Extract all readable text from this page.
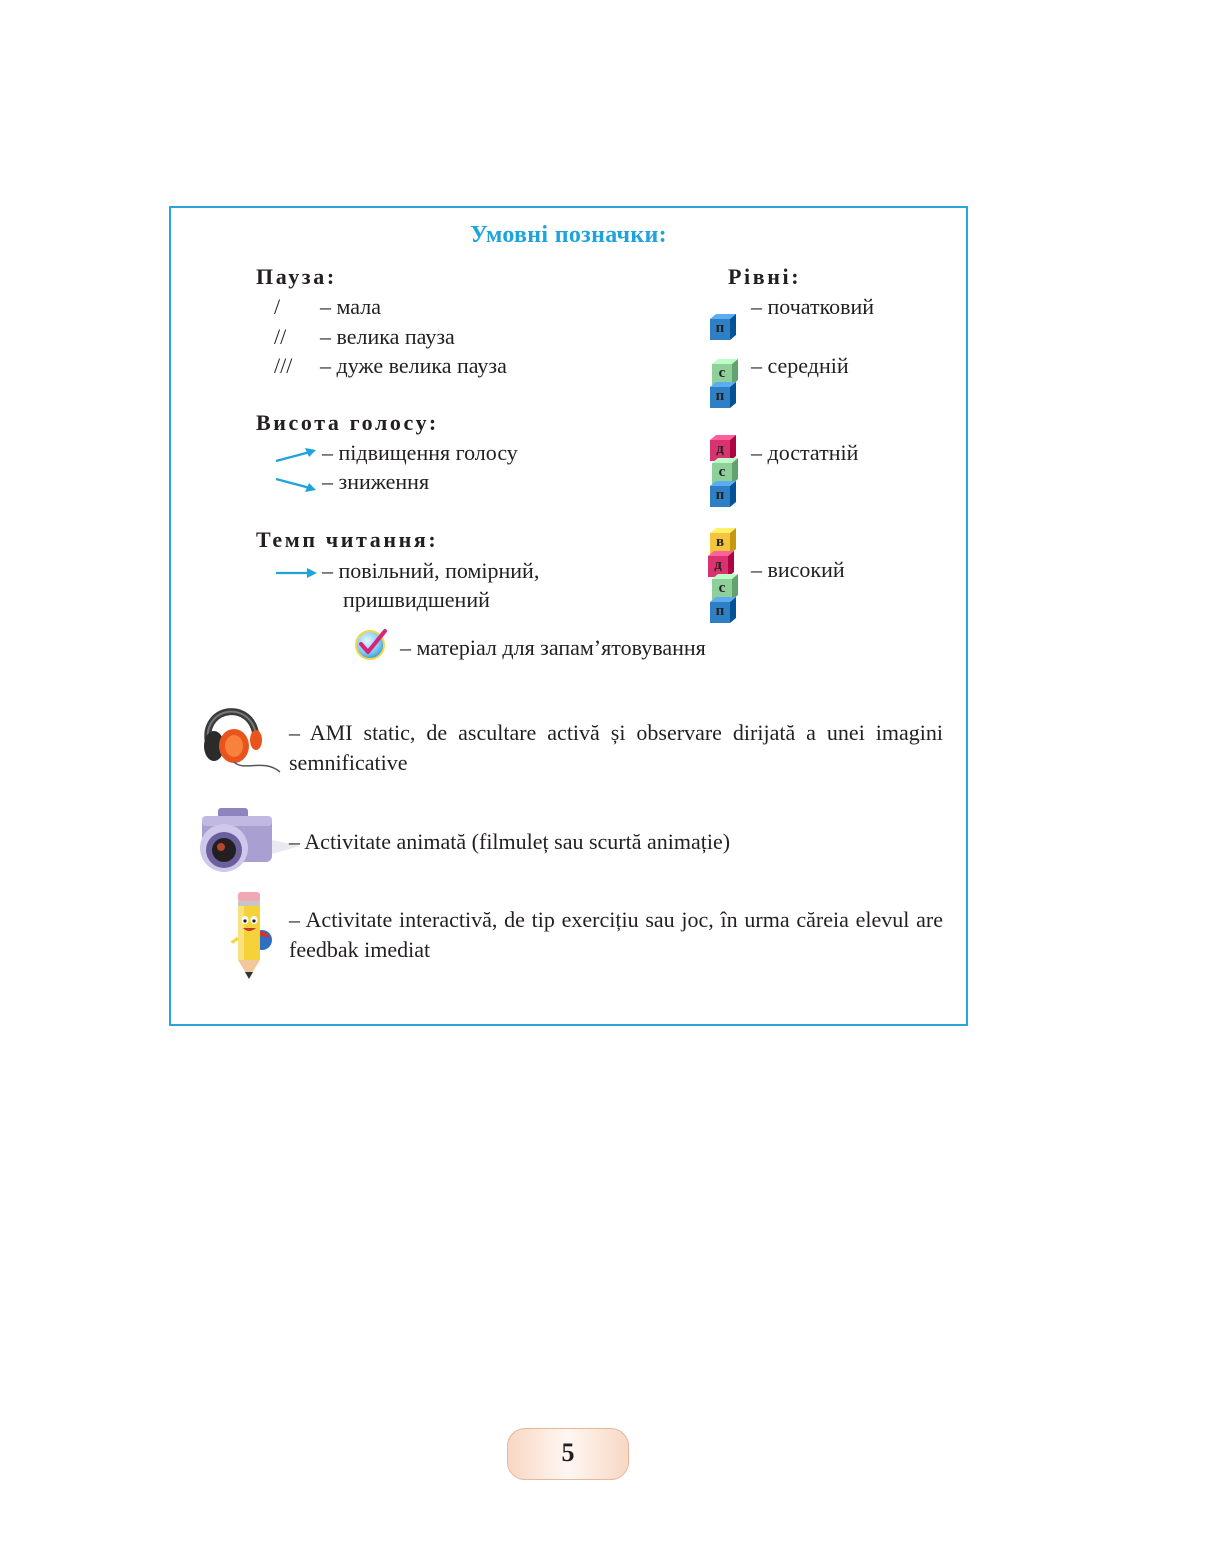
Умовні позначки:
Пауза:
/ – мала
// – велика пауза
/// – дуже велика пауза
Висота голосу:
– підвищення голосу
– зниження
Темп читання:
– повільний, помірний,
пришвидшений
Рівні:
п
с
п
д
с
п
в
д
с
п
– початковий
– середній
– достатній
– високий
– матеріал для запам’ятовування
– AMI static, de ascultare activă și observare dirijată a unei imagini semnificative
– Activitate animată (filmuleț sau scurtă animație)
– Activitate interactivă, de tip exercițiu sau joc, în urma căreia elevul are feedbak imediat
5
